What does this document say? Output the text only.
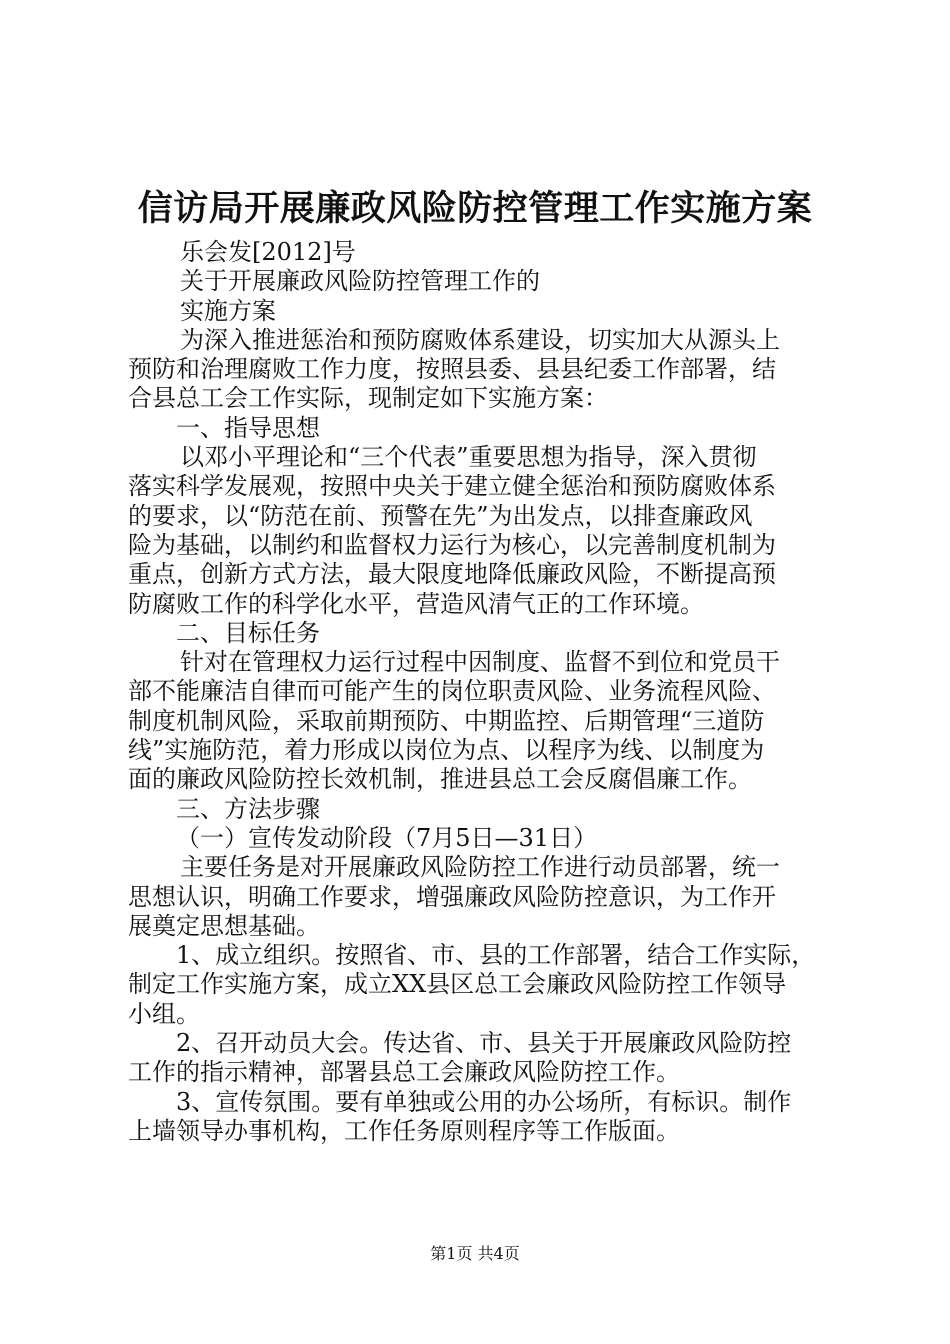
信访局开展廉政风险防控管理工作实施方案
乐会发[2012]号
关于开展廉政风险防控管理工作的
实施方案
为深入推进惩治和预防腐败体系建设，切实加大从源头上
预防和治理腐败工作力度，按照县委、县县纪委工作部署，结
合县总工会工作实际，现制定如下实施方案：
一、指导思想
以邓小平理论和“三个代表”重要思想为指导，深入贯彻
落实科学发展观，按照中央关于建立健全惩治和预防腐败体系
的要求，以“防范在前、预警在先”为出发点，以排查廉政风
险为基础，以制约和监督权力运行为核心，以完善制度机制为
重点，创新方式方法，最大限度地降低廉政风险，不断提高预
防腐败工作的科学化水平，营造风清气正的工作环境。
二、目标任务
针对在管理权力运行过程中因制度、监督不到位和党员干
部不能廉洁自律而可能产生的岗位职责风险、业务流程风险、
制度机制风险，采取前期预防、中期监控、后期管理“三道防
线”实施防范，着力形成以岗位为点、以程序为线、以制度为
面的廉政风险防控长效机制，推进县总工会反腐倡廉工作。
三、方法步骤
（一）宣传发动阶段（7月5日—31日）
主要任务是对开展廉政风险防控工作进行动员部署，统一
思想认识，明确工作要求，增强廉政风险防控意识，为工作开
展奠定思想基础。
1、成立组织。按照省、市、县的工作部署，结合工作实际，
制定工作实施方案，成立XX县区总工会廉政风险防控工作领导
小组。
2、召开动员大会。传达省、市、县关于开展廉政风险防控
工作的指示精神，部署县总工会廉政风险防控工作。
3、宣传氛围。要有单独或公用的办公场所，有标识。制作
上墙领导办事机构，工作任务原则程序等工作版面。
第1页 共4页
